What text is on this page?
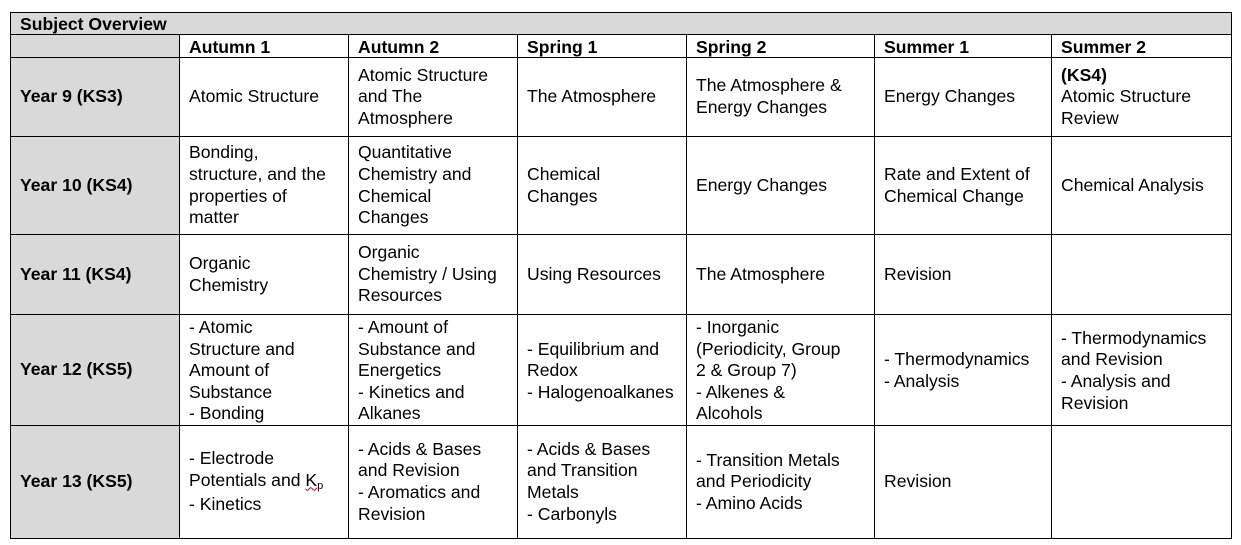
Subject Overview						
	Autumn 1	Autumn 2	Spring 1	Spring 2	Summer 1	Summer 2
Year 9 (KS3)	Atomic Structure	Atomic Structure
and The
Atmosphere	The Atmosphere	The Atmosphere &
Energy Changes	Energy Changes	(KS4)
Atomic Structure
Review

Year 10 (KS4)	Bonding,
structure, and the
properties of
matter	Quantitative
Chemistry and
Chemical
Changes	Chemical
Changes	Energy Changes	Rate and Extent of
Chemical Change	Chemical Analysis

Year 11 (KS4)	Organic
Chemistry	Organic
Chemistry / Using
Resources	Using Resources	The Atmosphere	Revision	

Year 12 (KS5)	- Atomic
Structure and
Amount of
Substance
- Bonding	- Amount of
Substance and
Energetics
- Kinetics and
Alkanes	- Equilibrium and
Redox
- Halogenoalkanes	- Inorganic
(Periodicity, Group
2 & Group 7)
- Alkenes &
Alcohols	- Thermodynamics
- Analysis	- Thermodynamics
and Revision
- Analysis and
Revision

Year 13 (KS5)	- Electrode
Potentials and Kp
- Kinetics	- Acids & Bases
and Revision
- Aromatics and
Revision	- Acids & Bases
and Transition
Metals
- Carbonyls	- Transition Metals
and Periodicity
- Amino Acids	Revision	
